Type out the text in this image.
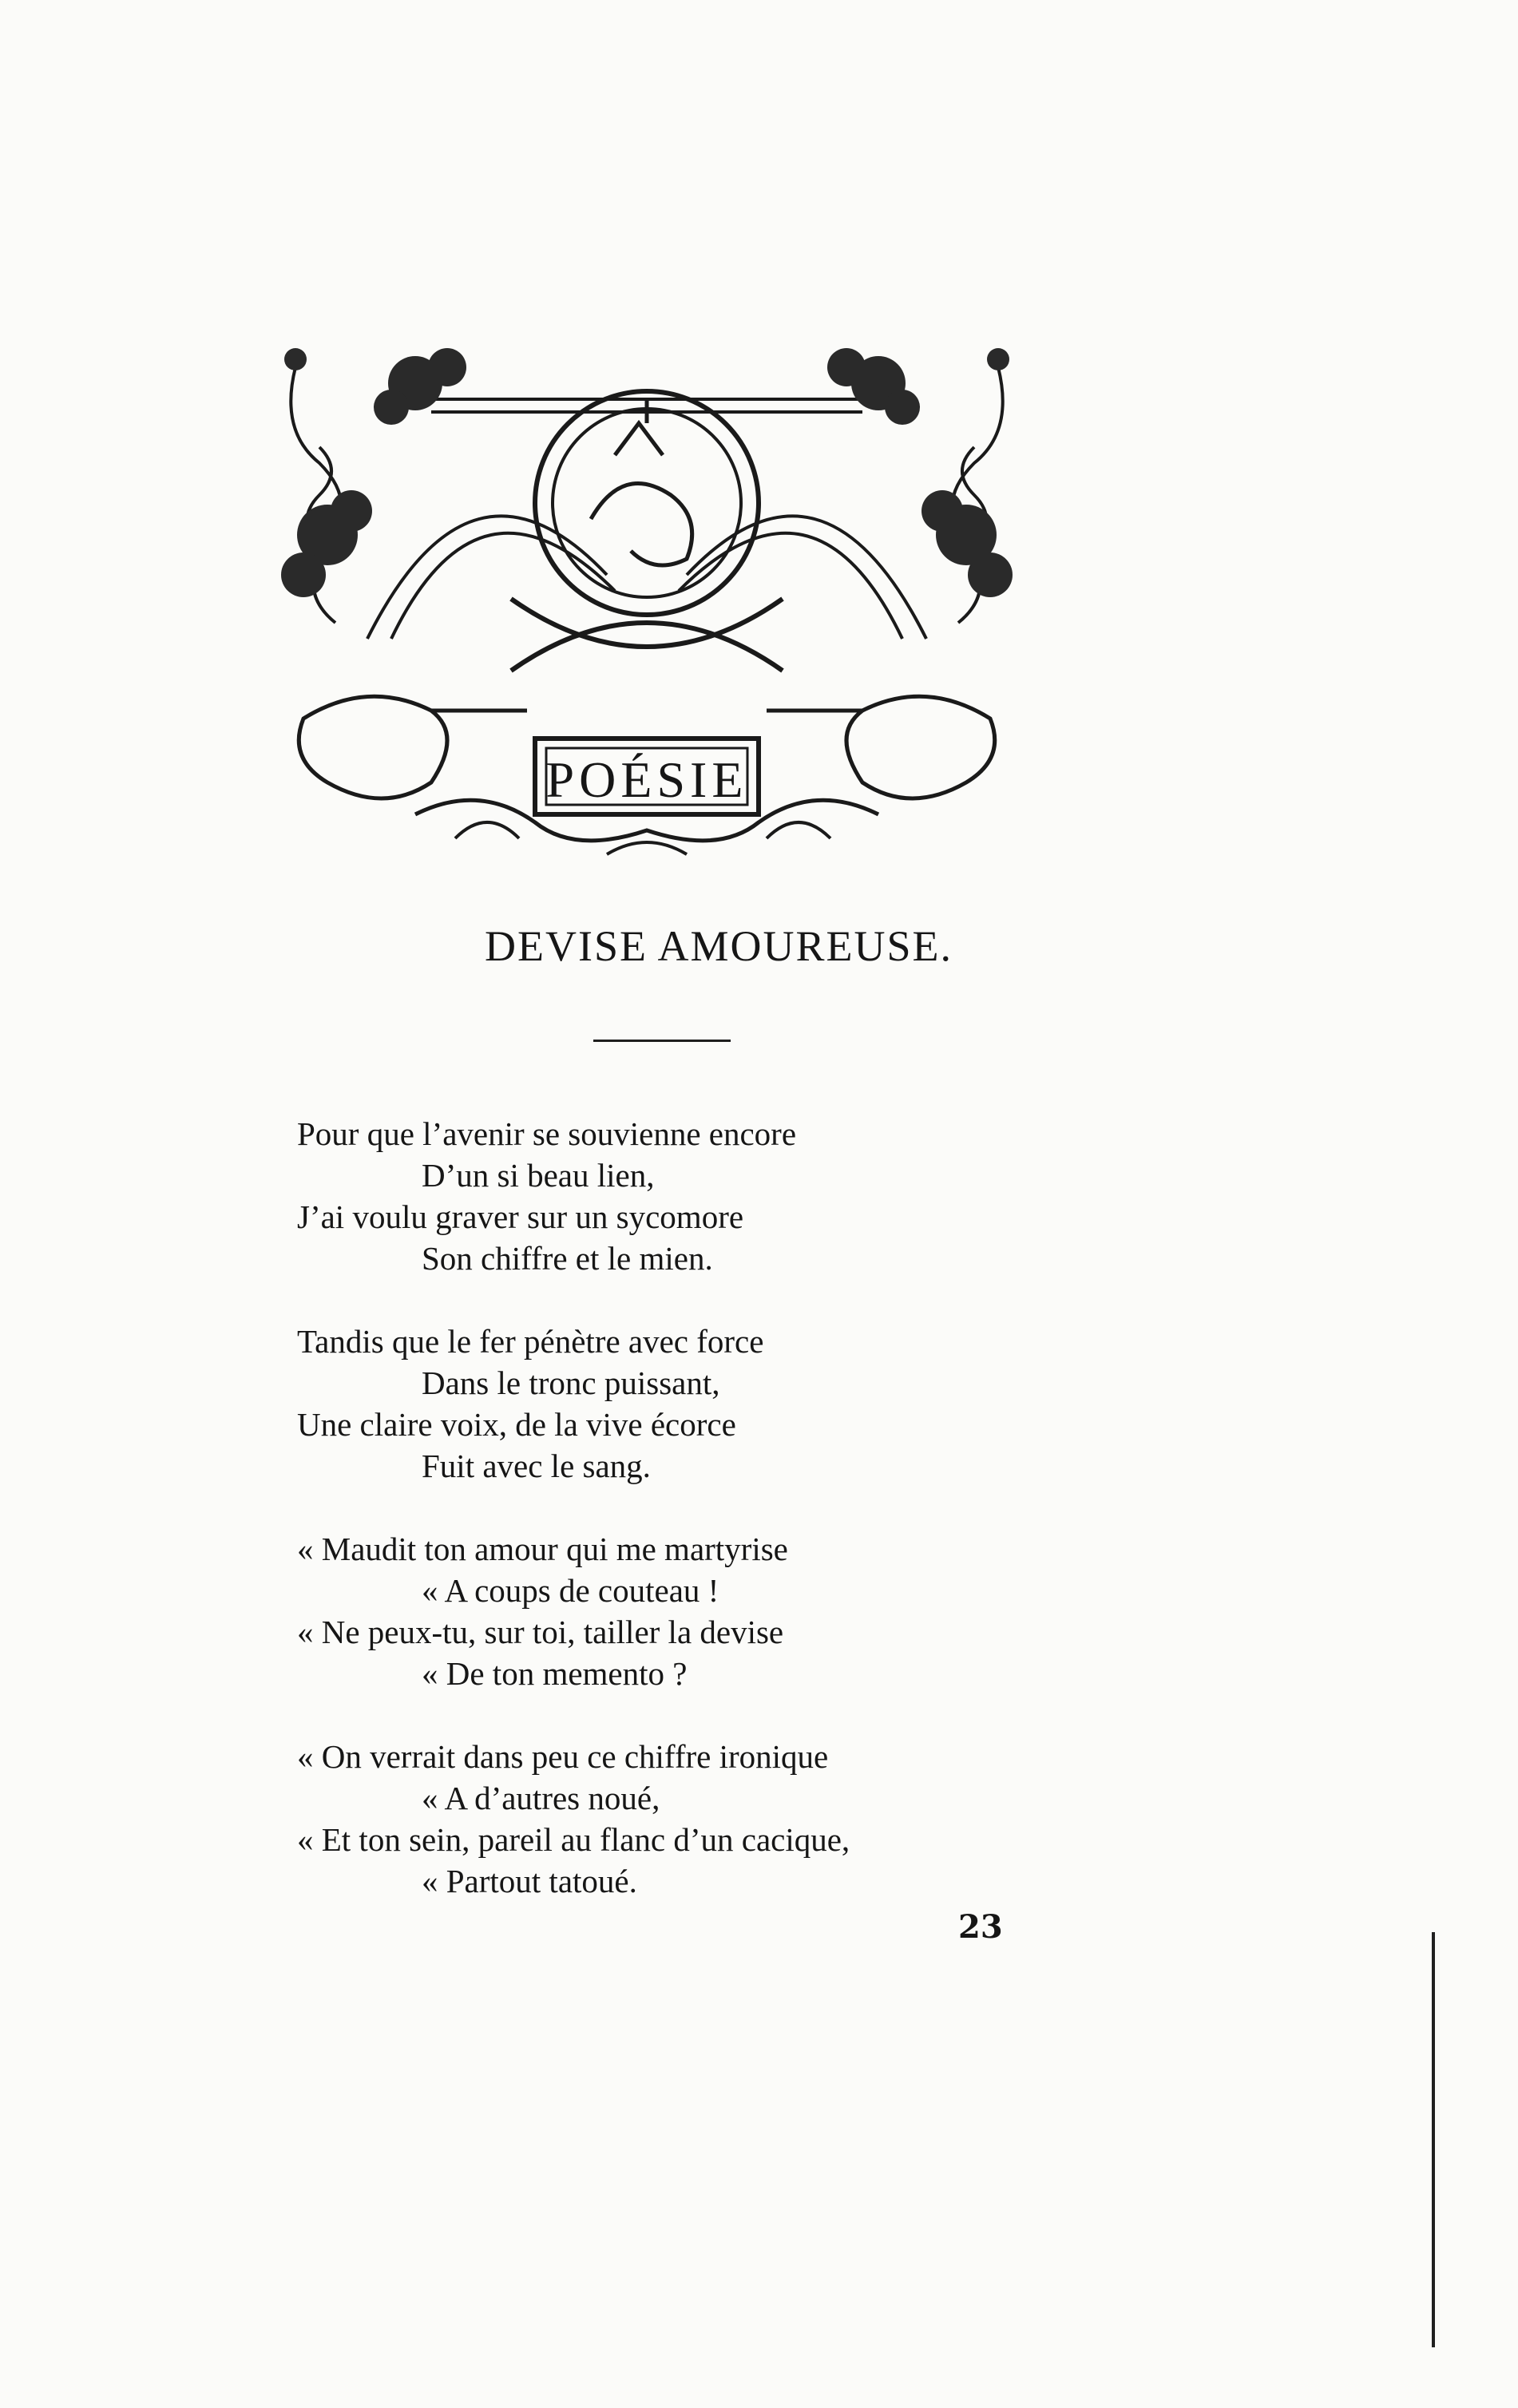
POÉSIE
DEVISE AMOUREUSE.
Pour que l’avenir se souvienne encore
D’un si beau lien,
J’ai voulu graver sur un sycomore
Son chiffre et le mien.
Tandis que le fer pénètre avec force
Dans le tronc puissant,
Une claire voix, de la vive écorce
Fuit avec le sang.
« Maudit ton amour qui me martyrise
« A coups de couteau !
« Ne peux-tu, sur toi, tailler la devise
« De ton memento ?
« On verrait dans peu ce chiffre ironique
« A d’autres noué,
« Et ton sein, pareil au flanc d’un cacique,
« Partout tatoué.
23
